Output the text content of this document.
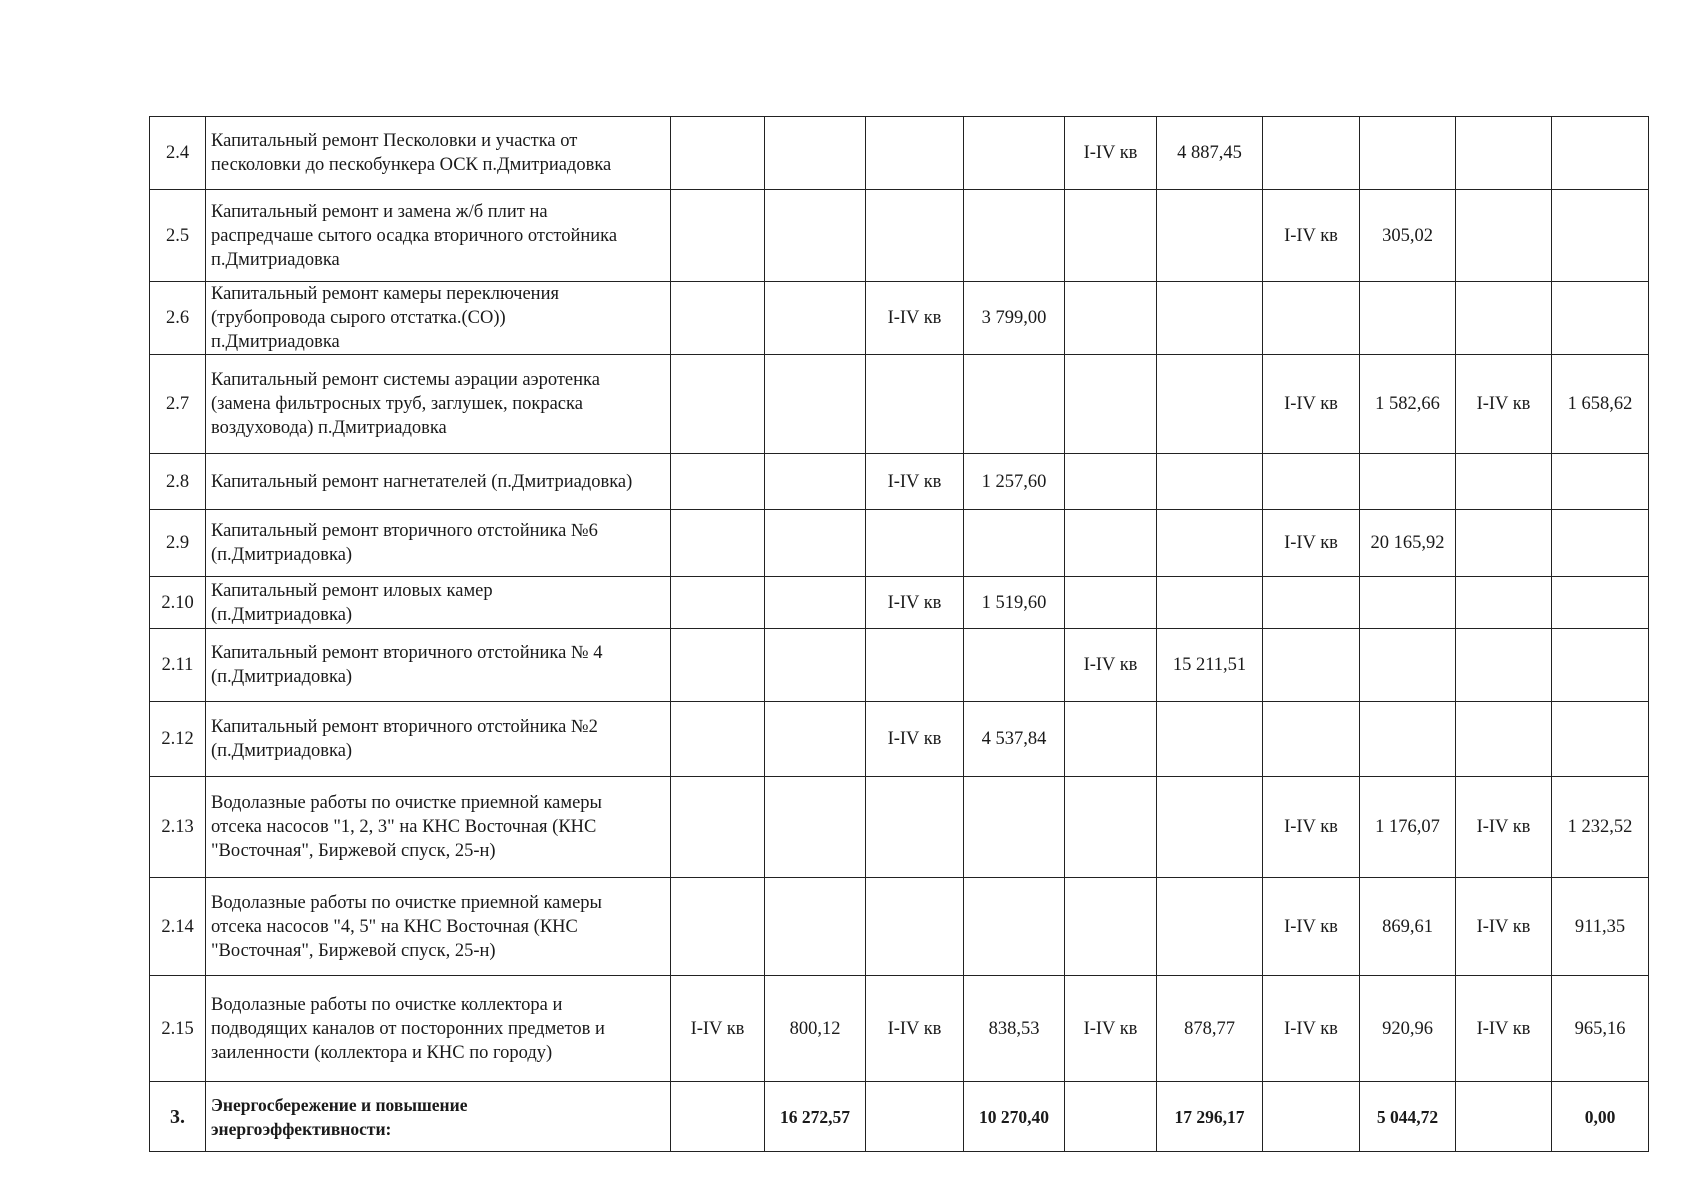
2.4	Капитальный ремонт Песколовки и участка от
песколовки до пескобункера ОСК п.Дмитриадовка					I-IV кв	4 887,45				
2.5	Капитальный ремонт и замена ж/б плит на
распредчаше сытого осадка вторичного отстойника
п.Дмитриадовка							I-IV кв	305,02		
2.6	Капитальный ремонт камеры переключения
(трубопровода сырого отстатка.(СО))
п.Дмитриадовка			I-IV кв	3 799,00						
2.7	Капитальный ремонт системы аэрации аэротенка
(замена фильтросных труб, заглушек, покраска
воздуховода) п.Дмитриадовка							I-IV кв	1 582,66	I-IV кв	1 658,62
2.8	Капитальный ремонт нагнетателей (п.Дмитриадовка)			I-IV кв	1 257,60						
2.9	Капитальный ремонт вторичного отстойника №6
(п.Дмитриадовка)							I-IV кв	20 165,92		
2.10	Капитальный ремонт иловых камер
(п.Дмитриадовка)			I-IV кв	1 519,60						
2.11	Капитальный ремонт вторичного отстойника № 4
(п.Дмитриадовка)					I-IV кв	15 211,51				
2.12	Капитальный ремонт вторичного отстойника №2
(п.Дмитриадовка)			I-IV кв	4 537,84						
2.13	Водолазные работы по очистке приемной камеры
отсека насосов "1, 2, 3" на КНС Восточная (КНС
"Восточная", Биржевой спуск, 25-н)							I-IV кв	1 176,07	I-IV кв	1 232,52
2.14	Водолазные работы по очистке приемной камеры
отсека насосов "4, 5" на КНС Восточная (КНС
"Восточная", Биржевой спуск, 25-н)							I-IV кв	869,61	I-IV кв	911,35
2.15	Водолазные работы по очистке коллектора и
подводящих каналов от посторонних предметов и
заиленности (коллектора и КНС по городу)	I-IV кв	800,12	I-IV кв	838,53	I-IV кв	878,77	I-IV кв	920,96	I-IV кв	965,16
3.	Энергосбережение и повышение
энергоэффективности:		16 272,57		10 270,40		17 296,17		5 044,72		0,00
